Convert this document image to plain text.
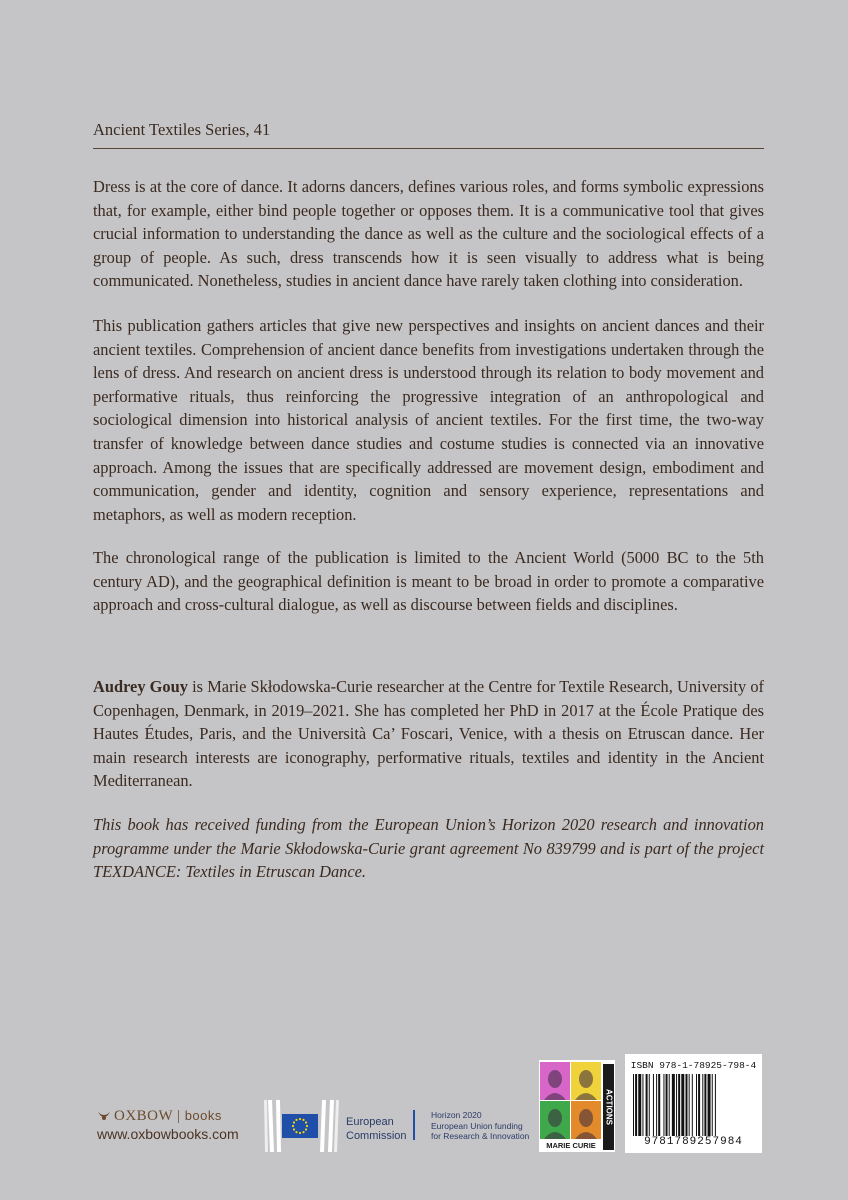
Ancient Textiles Series, 41
Dress is at the core of dance. It adorns dancers, defines various roles, and forms symbolic expressions that, for example, either bind people together or opposes them. It is a communicative tool that gives crucial information to understanding the dance as well as the culture and the sociological effects of a group of people. As such, dress transcends how it is seen visually to address what is being communicated. Nonetheless, studies in ancient dance have rarely taken clothing into consideration.
This publication gathers articles that give new perspectives and insights on ancient dances and their ancient textiles. Comprehension of ancient dance benefits from investigations undertaken through the lens of dress. And research on ancient dress is understood through its relation to body movement and performative rituals, thus reinforcing the progressive integration of an anthropological and sociological dimension into historical analysis of ancient textiles. For the first time, the two-way transfer of knowledge between dance studies and costume studies is connected via an innovative approach. Among the issues that are specifically addressed are movement design, embodiment and communication, gender and identity, cognition and sensory experience, representations and metaphors, as well as modern reception.
The chronological range of the publication is limited to the Ancient World (5000 BC to the 5th century AD), and the geographical definition is meant to be broad in order to promote a comparative approach and cross-cultural dialogue, as well as discourse between fields and disciplines.
Audrey Gouy is Marie Skłodowska-Curie researcher at the Centre for Textile Research, University of Copenhagen, Denmark, in 2019–2021. She has completed her PhD in 2017 at the École Pratique des Hautes Études, Paris, and the Università Ca’ Foscari, Venice, with a thesis on Etruscan dance. Her main research interests are iconography, performative rituals, textiles and identity in the Ancient Mediterranean.
This book has received funding from the European Union’s Horizon 2020 research and innovation programme under the Marie Skłodowska-Curie grant agreement No 839799 and is part of the project TEXDANCE: Textiles in Etruscan Dance.
OXBOW | books
www.oxbowbooks.com
European
Commission
Horizon 2020
European Union funding
for Research & Innovation
MARIE CURIE
ACTIONS
ISBN 978-1-78925-798-4
9781789257984
